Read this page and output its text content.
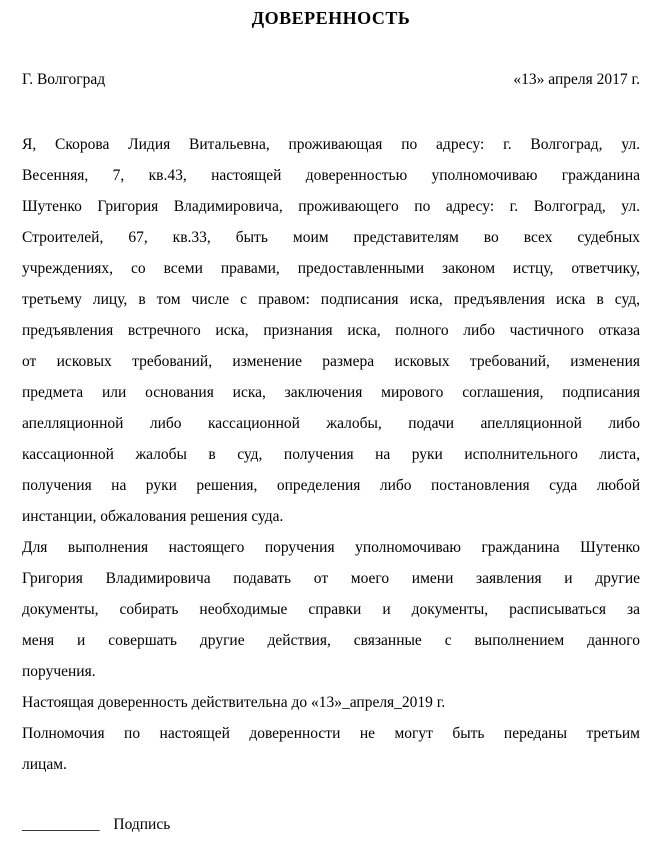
ДОВЕРЕННОСТЬ
Г. Волгоград	«13» апреля 2017 г.
Я, Скорова Лидия Витальевна, проживающая по адресу: г. Волгоград, ул.
Весенняя, 7, кв.43, настоящей доверенностью уполномочиваю гражданина
Шутенко Григория Владимировича, проживающего по адресу: г. Волгоград, ул.
Строителей, 67, кв.33, быть моим представителям во всех судебных
учреждениях, со всеми правами, предоставленными законом истцу, ответчику,
третьему лицу, в том числе с правом: подписания иска, предъявления иска в суд,
предъявления встречного иска, признания иска, полного либо частичного отказа
от исковых требований, изменение размера исковых требований, изменения
предмета или основания иска, заключения мирового соглашения, подписания
апелляционной либо кассационной жалобы, подачи апелляционной либо
кассационной жалобы в суд, получения на руки исполнительного листа,
получения на руки решения, определения либо постановления суда любой
инстанции, обжалования решения суда.
Для выполнения настоящего поручения уполномочиваю гражданина Шутенко
Григория Владимировича подавать от моего имени заявления и другие
документы, собирать необходимые справки и документы, расписываться за
меня и совершать другие действия, связанные с выполнением данного
поручения.
Настоящая доверенность действительна до «13»_апреля_2019 г.
Полномочия по настоящей доверенности не могут быть переданы третьим
лицам.
__________ Подпись
